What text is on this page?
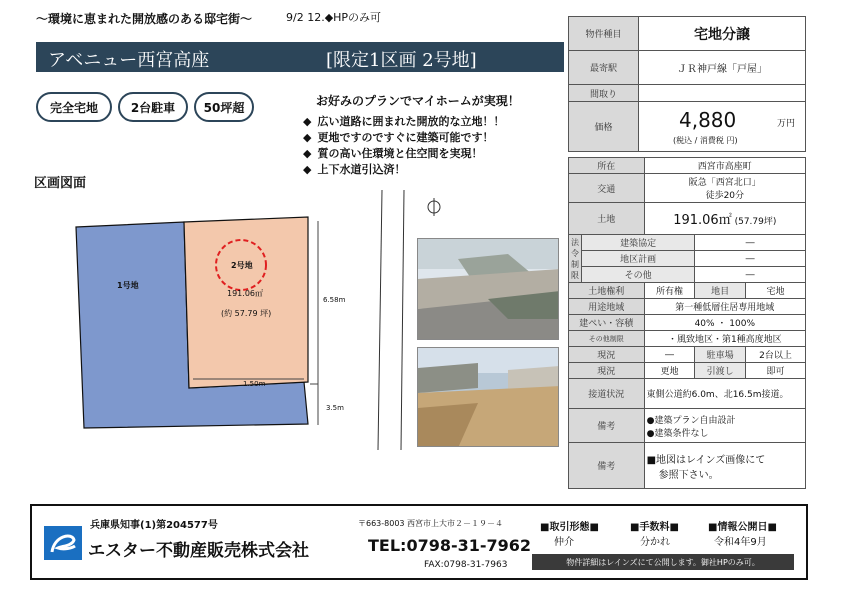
～環境に恵まれた開放感のある邸宅街～	9/2 12.◆HPのみ可
アベニュー西宮高座	[限定1区画 2号地]
完全宅地	2台駐車	50坪超	お好みのプランでマイホームが実現！
◆ 広い道路に囲まれた開放的な立地！！
◆ 更地ですのですぐに建築可能です！
◆ 質の高い住環境と住空間を実現！
◆ 上下水道引込済！
区画図面
1号地
2号地
191.06㎡
(約 57.79 坪)
6.58m
1.50m
3.5m
物件種目	宅地分譲
最寄駅	ＪＲ神戸線「戸屋」
間取り	
価格	4,880 万円
(税込 / 消費税 円)
所在		西宮市高座町		
交通		阪急「西宮北口」
徒歩20分		

土地		191.06㎡ (57.79坪)		
法令制限	建築協定		―	
	地区計画		―	
	その他		―	
土地権利		所有権	地目	宅地
用途地域		第一種低層住居専用地域		
建ぺい・容積		40% ・ 100%		
その他制限		・風致地区・第1種高度地区		
現況		―	駐車場	2台以上
現況		更地	引渡し	即可
接道状況		東側公道約6.0m、北16.5m接道。		
備考		●建築プラン自由設計
●建築条件なし		

備考		■地図はレインズ画像にて
参照下さい。		
兵庫県知事(1)第204577号
エスター不動産販売株式会社
〒663-8003 西宮市上大市２－１９－４
TEL:0798-31-7962
FAX:0798-31-7963
■取引形態■
仲介
■手数料■
分かれ
■情報公開日■
令和4年9月
物件詳細はレインズにて公開します。御社HPのみ可。
